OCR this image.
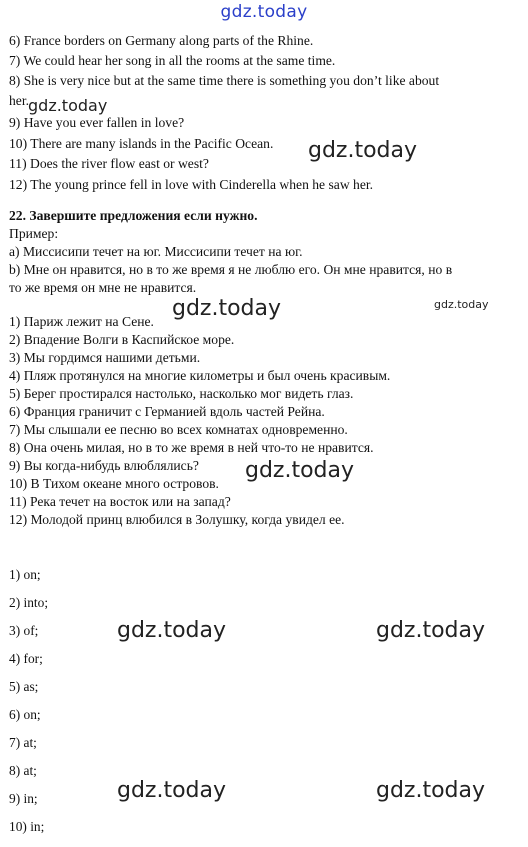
gdz.today
6) France borders on Germany along parts of the Rhine.
7) We could hear her song in all the rooms at the same time.
8) She is very nice but at the same time there is something you don’t like about
her.
9) Have you ever fallen in love?
10) There are many islands in the Pacific Ocean.
11) Does the river flow east or west?
12) The young prince fell in love with Cinderella when he saw her.
22. Завершите предложения если нужно.
Пример:
а) Миссисипи течет на юг. Миссисипи течет на юг.
b) Мне он нравится, но в то же время я не люблю его. Он мне нравится, но в
то же время он мне не нравится.
1) Париж лежит на Сене.
2) Впадение Волги в Каспийское море.
3) Мы гордимся нашими детьми.
4) Пляж протянулся на многие километры и был очень красивым.
5) Берег простирался настолько, насколько мог видеть глаз.
6) Франция граничит с Германией вдоль частей Рейна.
7) Мы слышали ее песню во всех комнатах одновременно.
8) Она очень милая, но в то же время в ней что-то не нравится.
9) Вы когда-нибудь влюблялись?
10) В Тихом океане много островов.
11) Река течет на восток или на запад?
12) Молодой принц влюбился в Золушку, когда увидел ее.
1) on;
2) into;
3) of;
4) for;
5) as;
6) on;
7) at;
8) at;
9) in;
10) in;
gdz.today
gdz.today
gdz.today	gdz.today
gdz.today
gdz.today	gdz.today
gdz.today	gdz.today
